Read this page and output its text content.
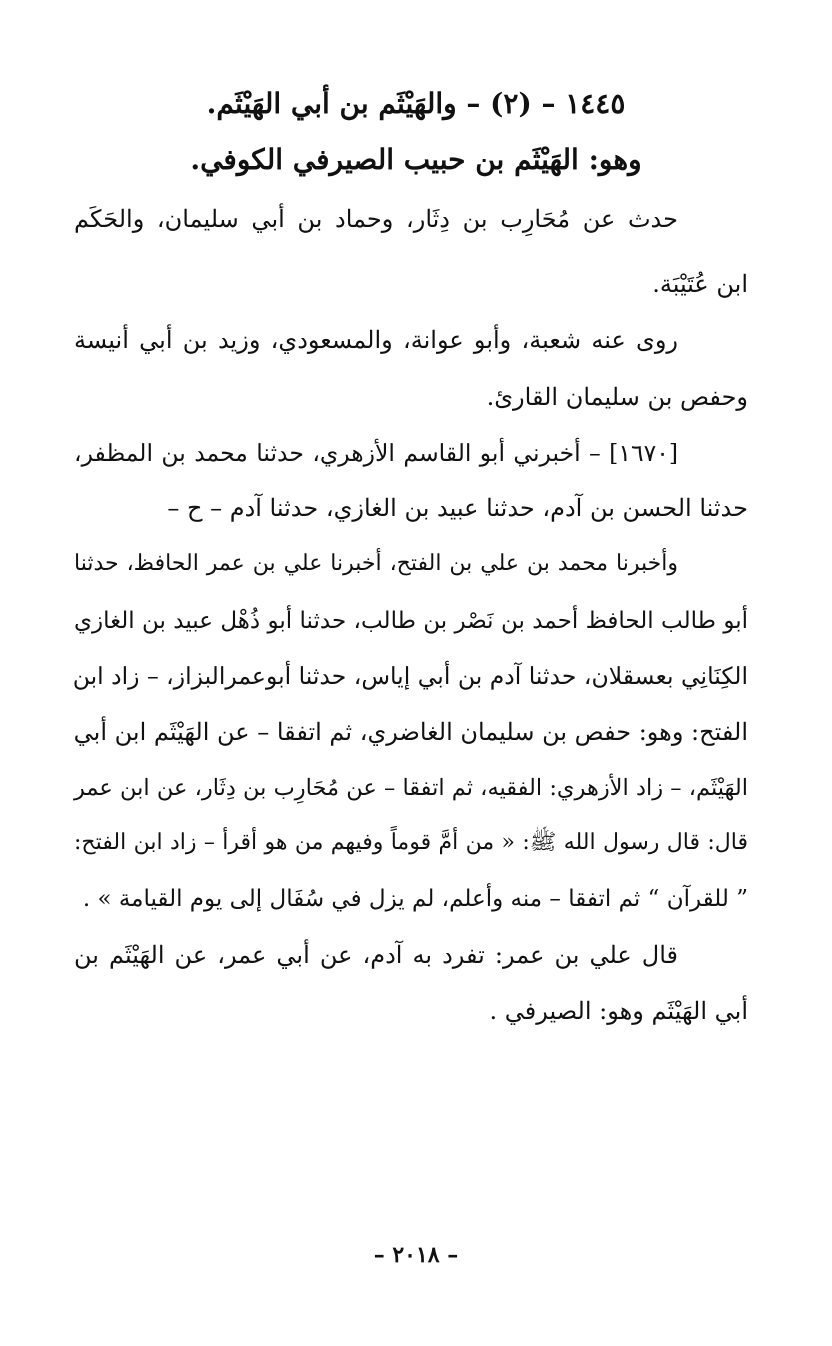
١٤٤٥ – (٢) – والهَيْثَم بن أبي الهَيْثَم.
وهو: الهَيْثَم بن حبيب الصيرفي الكوفي.
حدث عن مُحَارِب بن دِثَار، وحماد بن أبي سليمان، والحَكَم
ابن عُتَيْبَة.
روى عنه شعبة، وأبو عوانة، والمسعودي، وزيد بن أبي أنيسة
وحفص بن سليمان القارئ.
[١٦٧٠] – أخبرني أبو القاسم الأزهري، حدثنا محمد بن المظفر،
حدثنا الحسن بن آدم، حدثنا عبيد بن الغازي، حدثنا آدم – ح –
وأخبرنا محمد بن علي بن الفتح، أخبرنا علي بن عمر الحافظ، حدثنا
أبو طالب الحافظ أحمد بن نَصْر بن طالب، حدثنا أبو ذُهْل عبيد بن الغازي
الكِنَانِي بعسقلان، حدثنا آدم بن أبي إياس، حدثنا أبوعمرالبزاز، – زاد ابن
الفتح: وهو: حفص بن سليمان الغاضري، ثم اتفقا – عن الهَيْثَم ابن أبي
الهَيْثَم، – زاد الأزهري: الفقيه، ثم اتفقا – عن مُحَارِب بن دِثَار، عن ابن عمر
قال: قال رسول الله ﷺ: « من أمَّ قوماً وفيهم من هو أقرأ – زاد ابن الفتح:
” للقرآن “ ثم اتفقا – منه وأعلم، لم يزل في سُفَال إلى يوم القيامة » .
قال علي بن عمر: تفرد به آدم، عن أبي عمر، عن الهَيْثَم بن
أبي الهَيْثَم وهو: الصيرفي .
– ٢٠١٨ –
